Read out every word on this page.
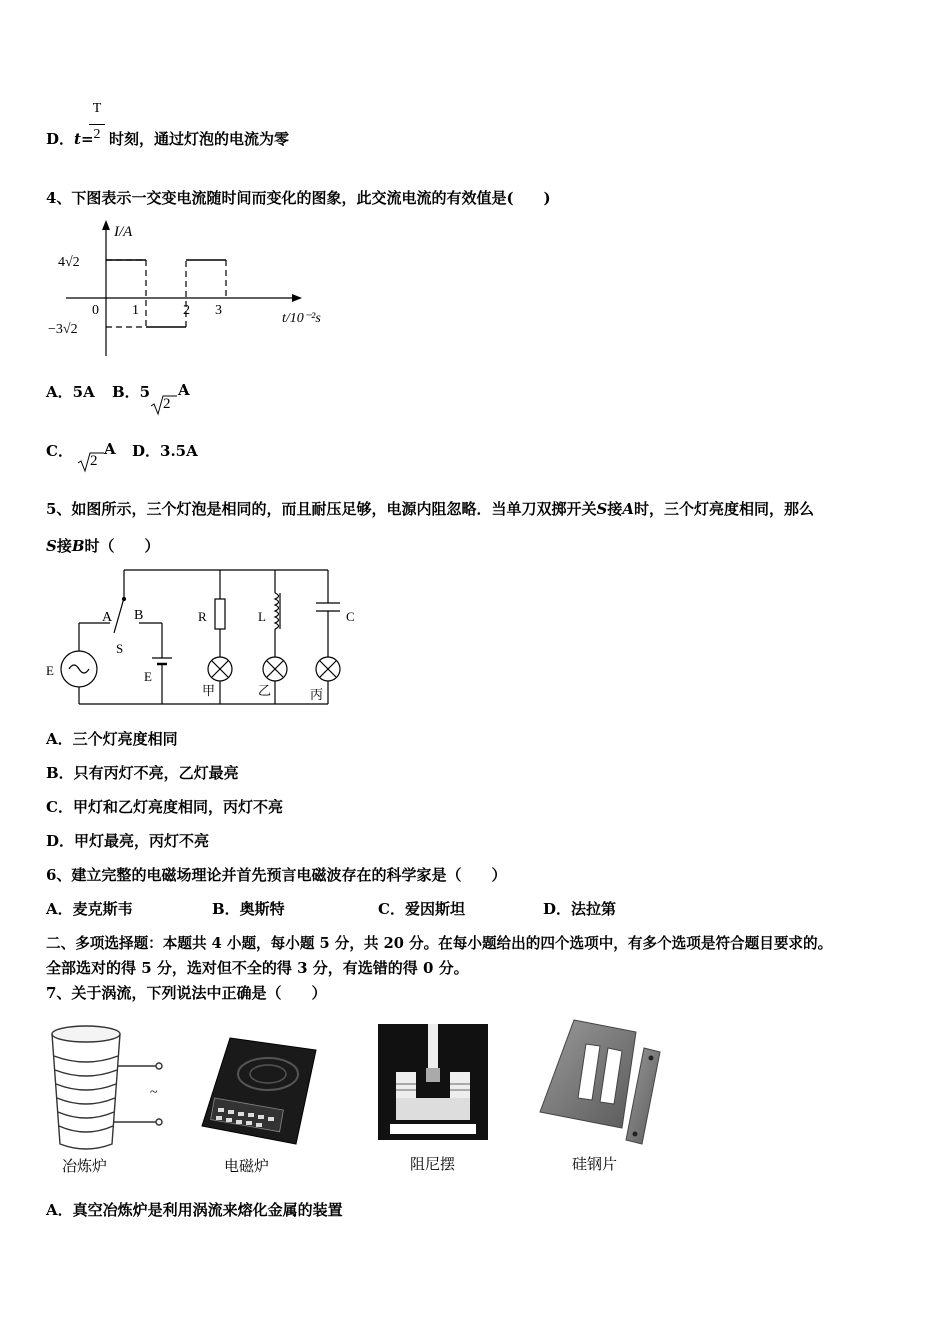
D．t=
T
2 时刻，通过灯泡的电流为零
4、下图表示一交变电流随时间而变化的图象，此交流电流的有效值是(　　)
I/A
4√2
−3√2
0 1	2 3
t/10⁻²s
A．5A B．5
2
A
C．
2
A D．3.5A
5、如图所示，三个灯泡是相同的，而且耐压足够，电源内阻忽略．当单刀双掷开关S接A时，三个灯亮度相同，那么
S接B时（　　）
A B
S
E	E
R	L	C
甲	乙	丙
A．三个灯亮度相同
B．只有丙灯不亮，乙灯最亮
C．甲灯和乙灯亮度相同，丙灯不亮
D．甲灯最亮，丙灯不亮
6、建立完整的电磁场理论并首先预言电磁波存在的科学家是（　　）
A．麦克斯韦	B．奥斯特	C．爱因斯坦	D．法拉第
二、多项选择题：本题共 4 小题，每小题 5 分，共 20 分。在每小题给出的四个选项中，有多个选项是符合题目要求的。
全部选对的得 5 分，选对但不全的得 3 分，有选错的得 0 分。
7、关于涡流，下列说法中正确是（　　）
~
冶炼炉	电磁炉	阻尼摆	硅钢片
A．真空冶炼炉是利用涡流来熔化金属的装置
